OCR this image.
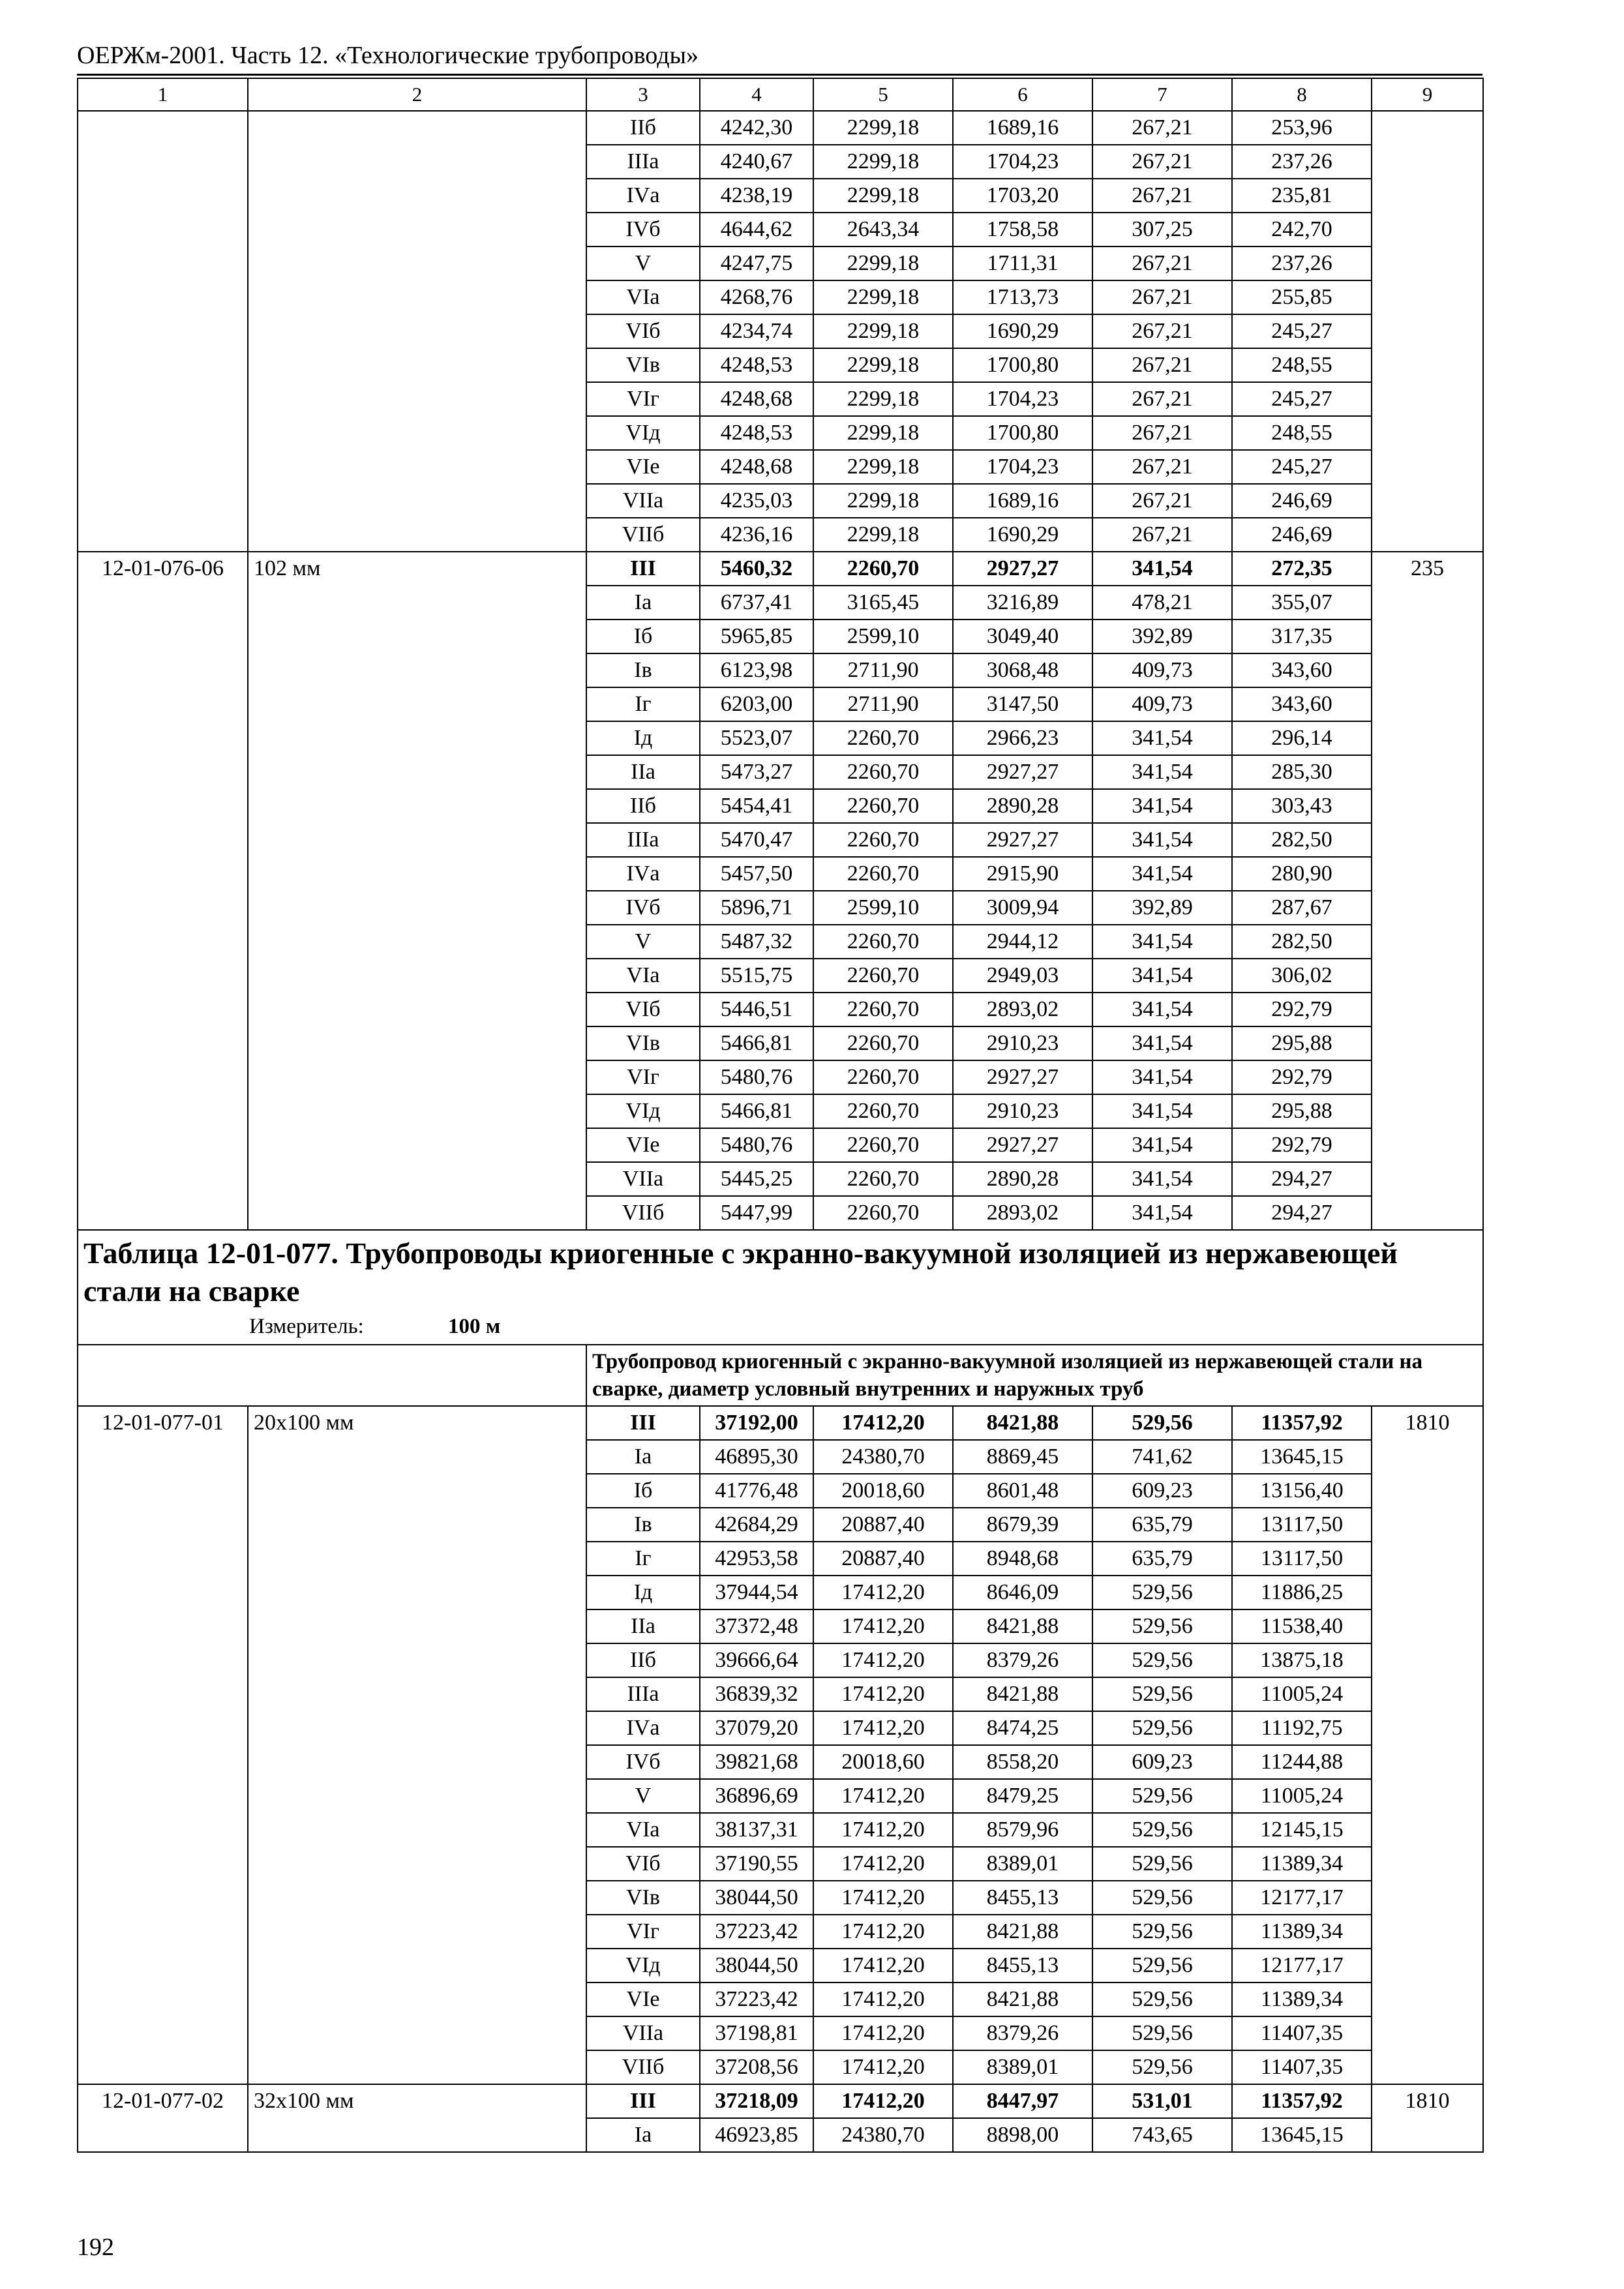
ОЕРЖм-2001. Часть 12. «Технологические трубопроводы»
1	2	3	4	5	6	7	8	9
		IIб	4242,30	2299,18	1689,16	267,21	253,96	
		IIIа	4240,67	2299,18	1704,23	267,21	237,26	
		IVа	4238,19	2299,18	1703,20	267,21	235,81	
		IVб	4644,62	2643,34	1758,58	307,25	242,70	
		V	4247,75	2299,18	1711,31	267,21	237,26	
		VIа	4268,76	2299,18	1713,73	267,21	255,85	
		VIб	4234,74	2299,18	1690,29	267,21	245,27	
		VIв	4248,53	2299,18	1700,80	267,21	248,55	
		VIг	4248,68	2299,18	1704,23	267,21	245,27	
		VIд	4248,53	2299,18	1700,80	267,21	248,55	
		VIе	4248,68	2299,18	1704,23	267,21	245,27	
		VIIа	4235,03	2299,18	1689,16	267,21	246,69	
		VIIб	4236,16	2299,18	1690,29	267,21	246,69	
12-01-076-06	102 мм	III	5460,32	2260,70	2927,27	341,54	272,35	235
		Iа	6737,41	3165,45	3216,89	478,21	355,07	
		Iб	5965,85	2599,10	3049,40	392,89	317,35	
		Iв	6123,98	2711,90	3068,48	409,73	343,60	
		Iг	6203,00	2711,90	3147,50	409,73	343,60	
		Iд	5523,07	2260,70	2966,23	341,54	296,14	
		IIа	5473,27	2260,70	2927,27	341,54	285,30	
		IIб	5454,41	2260,70	2890,28	341,54	303,43	
		IIIа	5470,47	2260,70	2927,27	341,54	282,50	
		IVа	5457,50	2260,70	2915,90	341,54	280,90	
		IVб	5896,71	2599,10	3009,94	392,89	287,67	
		V	5487,32	2260,70	2944,12	341,54	282,50	
		VIа	5515,75	2260,70	2949,03	341,54	306,02	
		VIб	5446,51	2260,70	2893,02	341,54	292,79	
		VIв	5466,81	2260,70	2910,23	341,54	295,88	
		VIг	5480,76	2260,70	2927,27	341,54	292,79	
		VIд	5466,81	2260,70	2910,23	341,54	295,88	
		VIе	5480,76	2260,70	2927,27	341,54	292,79	
		VIIа	5445,25	2260,70	2890,28	341,54	294,27	
		VIIб	5447,99	2260,70	2893,02	341,54	294,27	

Таблица 12-01-077. Трубопроводы криогенные с экранно-вакуумной изоляцией из нержавеющей стали на сварке
Измеритель: 100 м								

		Трубопровод криогенный с экранно-вакуумной изоляцией из нержавеющей стали на сварке, диаметр условный внутренних и наружных труб						
12-01-077-01	20х100 мм	III	37192,00	17412,20	8421,88	529,56	11357,92	1810
		Iа	46895,30	24380,70	8869,45	741,62	13645,15	
		Iб	41776,48	20018,60	8601,48	609,23	13156,40	
		Iв	42684,29	20887,40	8679,39	635,79	13117,50	
		Iг	42953,58	20887,40	8948,68	635,79	13117,50	
		Iд	37944,54	17412,20	8646,09	529,56	11886,25	
		IIа	37372,48	17412,20	8421,88	529,56	11538,40	
		IIб	39666,64	17412,20	8379,26	529,56	13875,18	
		IIIа	36839,32	17412,20	8421,88	529,56	11005,24	
		IVа	37079,20	17412,20	8474,25	529,56	11192,75	
		IVб	39821,68	20018,60	8558,20	609,23	11244,88	
		V	36896,69	17412,20	8479,25	529,56	11005,24	
		VIа	38137,31	17412,20	8579,96	529,56	12145,15	
		VIб	37190,55	17412,20	8389,01	529,56	11389,34	
		VIв	38044,50	17412,20	8455,13	529,56	12177,17	
		VIг	37223,42	17412,20	8421,88	529,56	11389,34	
		VIд	38044,50	17412,20	8455,13	529,56	12177,17	
		VIе	37223,42	17412,20	8421,88	529,56	11389,34	
		VIIа	37198,81	17412,20	8379,26	529,56	11407,35	
		VIIб	37208,56	17412,20	8389,01	529,56	11407,35	
12-01-077-02	32х100 мм	III	37218,09	17412,20	8447,97	531,01	11357,92	1810
		Iа	46923,85	24380,70	8898,00	743,65	13645,15	
192
